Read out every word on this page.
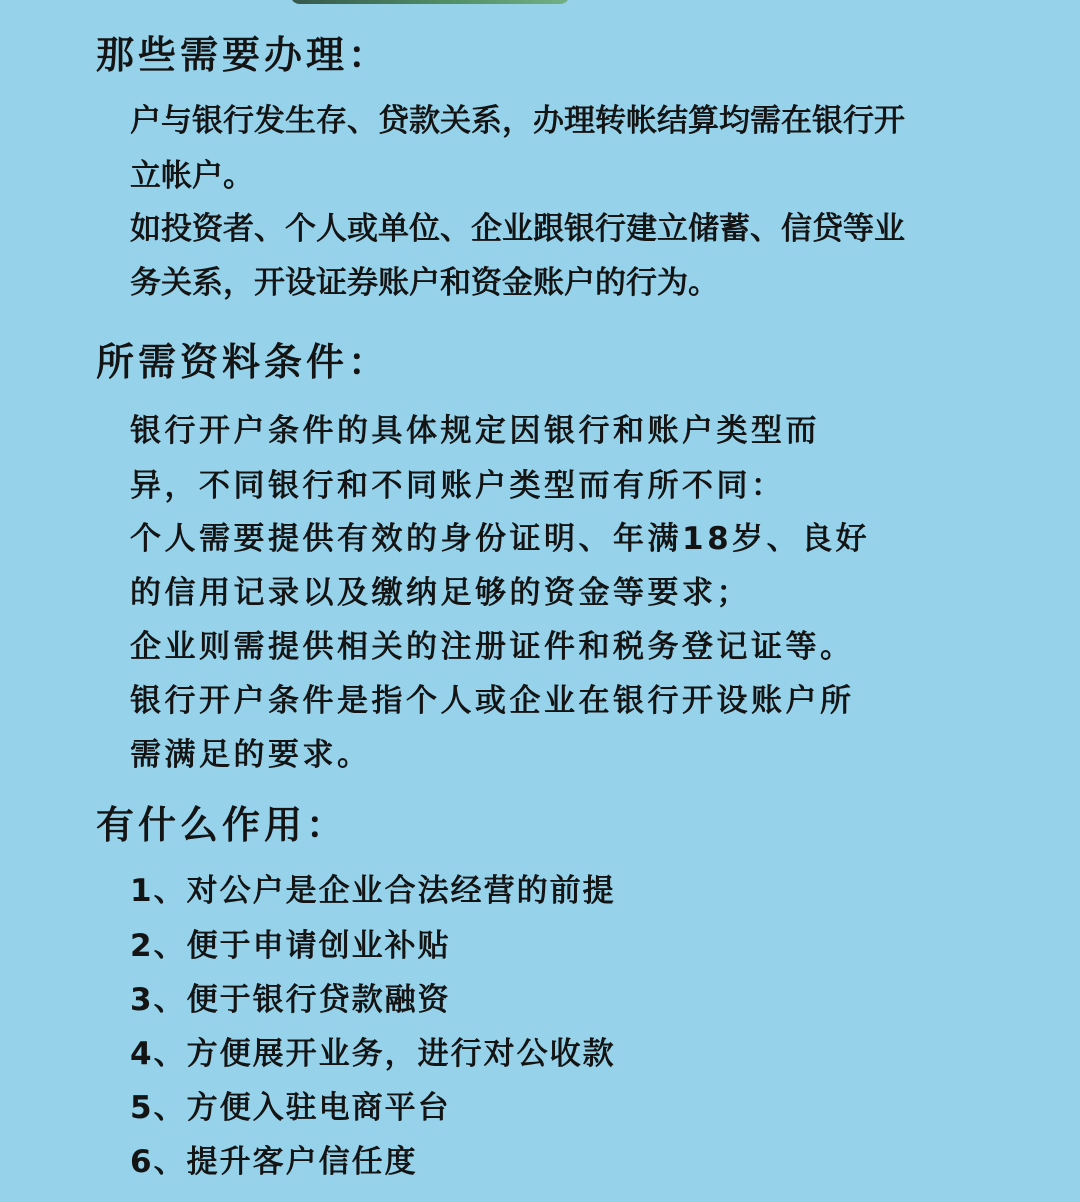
那些需要办理：

户与银行发生存、贷款关系，办理转帐结算均需在银行开

立帐户。

如投资者、个人或单位、企业跟银行建立储蓄、信贷等业

务关系，开设证券账户和资金账户的行为。

所需资料条件：

银行开户条件的具体规定因银行和账户类型而

异，不同银行和不同账户类型而有所不同：

个人需要提供有效的身份证明、年满18岁、良好

的信用记录以及缴纳足够的资金等要求；

企业则需提供相关的注册证件和税务登记证等。

银行开户条件是指个人或企业在银行开设账户所

需满足的要求。

有什么作用：

1、对公户是企业合法经营的前提

2、便于申请创业补贴

3、便于银行贷款融资

4、方便展开业务，进行对公收款

5、方便入驻电商平台

6、提升客户信任度
